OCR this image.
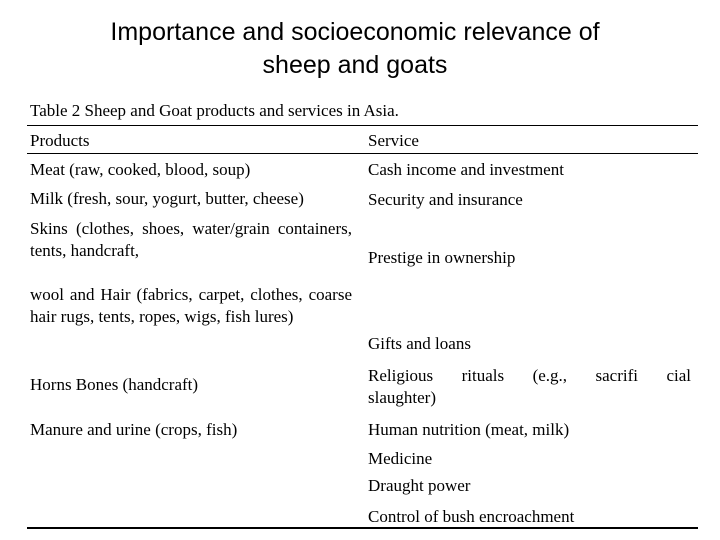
Importance and socioeconomic relevance of
sheep and goats
Table 2 Sheep and Goat products and services in Asia.
Products	Service
Meat (raw, cooked, blood, soup)
Milk (fresh, sour, yogurt, butter, cheese)
Skins (clothes, shoes, water/grain containers, tents, handcraft,
wool and Hair (fabrics, carpet, clothes, coarse hair rugs, tents, ropes, wigs, fish lures)
Horns Bones (handcraft)
Manure and urine (crops, fish)
Cash income and investment
Security and insurance
Prestige in ownership
Gifts and loans
Religious rituals (e.g., sacrifi cial slaughter)
Human nutrition (meat, milk)
Medicine
Draught power
Control of bush encroachment
